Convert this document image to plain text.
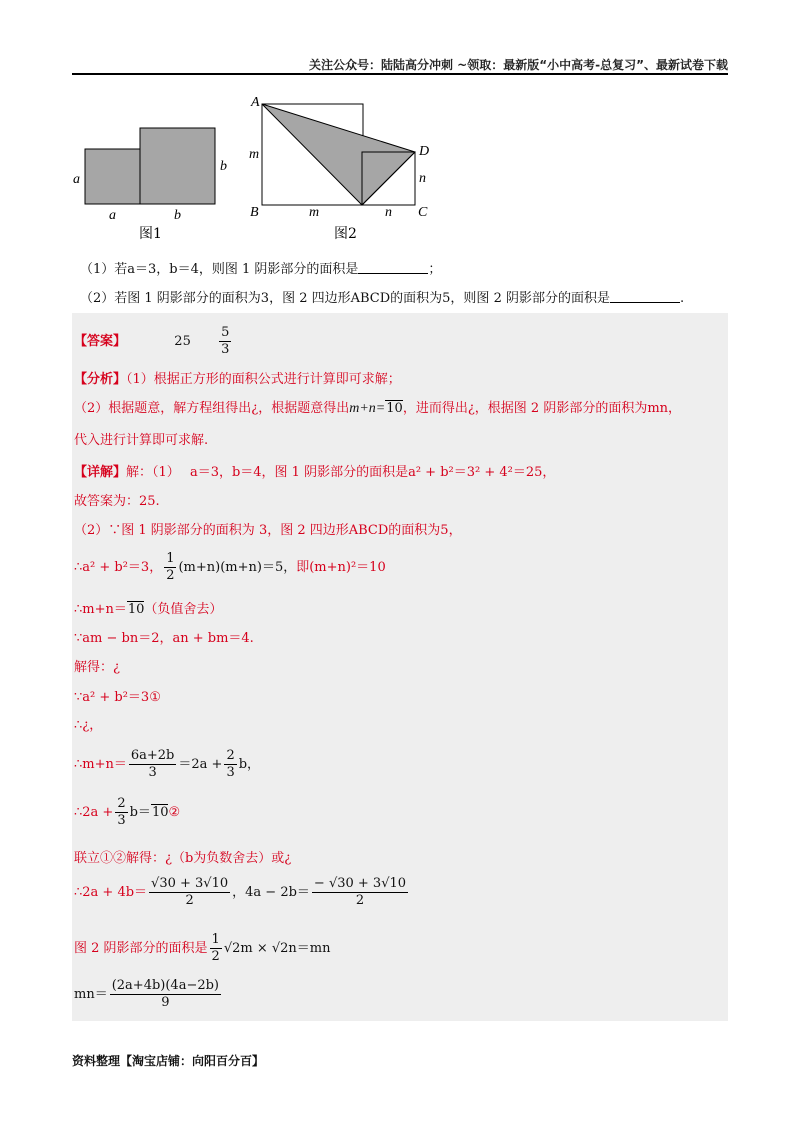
关注公众号：陆陆高分冲刺 ~领取：最新版“小中高考-总复习”、最新试卷下载
a
b
a	b
图1
A
B	C
D
m
m	n
n
图2
（1）若a＝3，b＝4，则图 1 阴影部分的面积是	；
（2）若图 1 阴影部分的面积为3，图 2 四边形ABCD的面积为5，则图 2 阴影部分的面积是	.
【答案】	$25 \frac{5}{3}$
【分析】（1）根据正方形的面积公式进行计算即可求解；
（2）根据题意，解方程组得出¿，根据题意得出m+n=10，进而得出¿，根据图 2 阴影部分的面积为mn，
代入进行计算即可求解.
【详解】解：（1） a＝3，b＝4，图 1 阴影部分的面积是a² + b²＝3² + 4²＝25，
故答案为：25.
（2）∵图 1 阴影部分的面积为 3，图 2 四边形ABCD的面积为5，
∴a² + b²＝3， $\frac{1}{2} (m+n)(m+n)=5$，即(m+n)²＝10
∴m+n＝10（负值舍去）
∵am − bn＝2，an + bm＝4.
解得：¿
∵a² + b²＝3①
∴¿，
∴m+n＝ $\frac{6a+2b}{3} =2a + \frac{2}{3}$ b，
∴2a + $\frac{2}{3}$ b＝10②
联立①②解得：¿（b为负数舍去）或¿
∴2a + $4b= \frac{√30 + 3√10}{2}$ ，$4a - 2b= \frac{- √30 + 3√10}{2}$
图 2 阴影部分的面积是 $\frac{1}{2} √2m \times √2n=mn$
$mn= \frac{(2a+4b)(4a-2b)}{9}$
资料整理【淘宝店铺：向阳百分百】
